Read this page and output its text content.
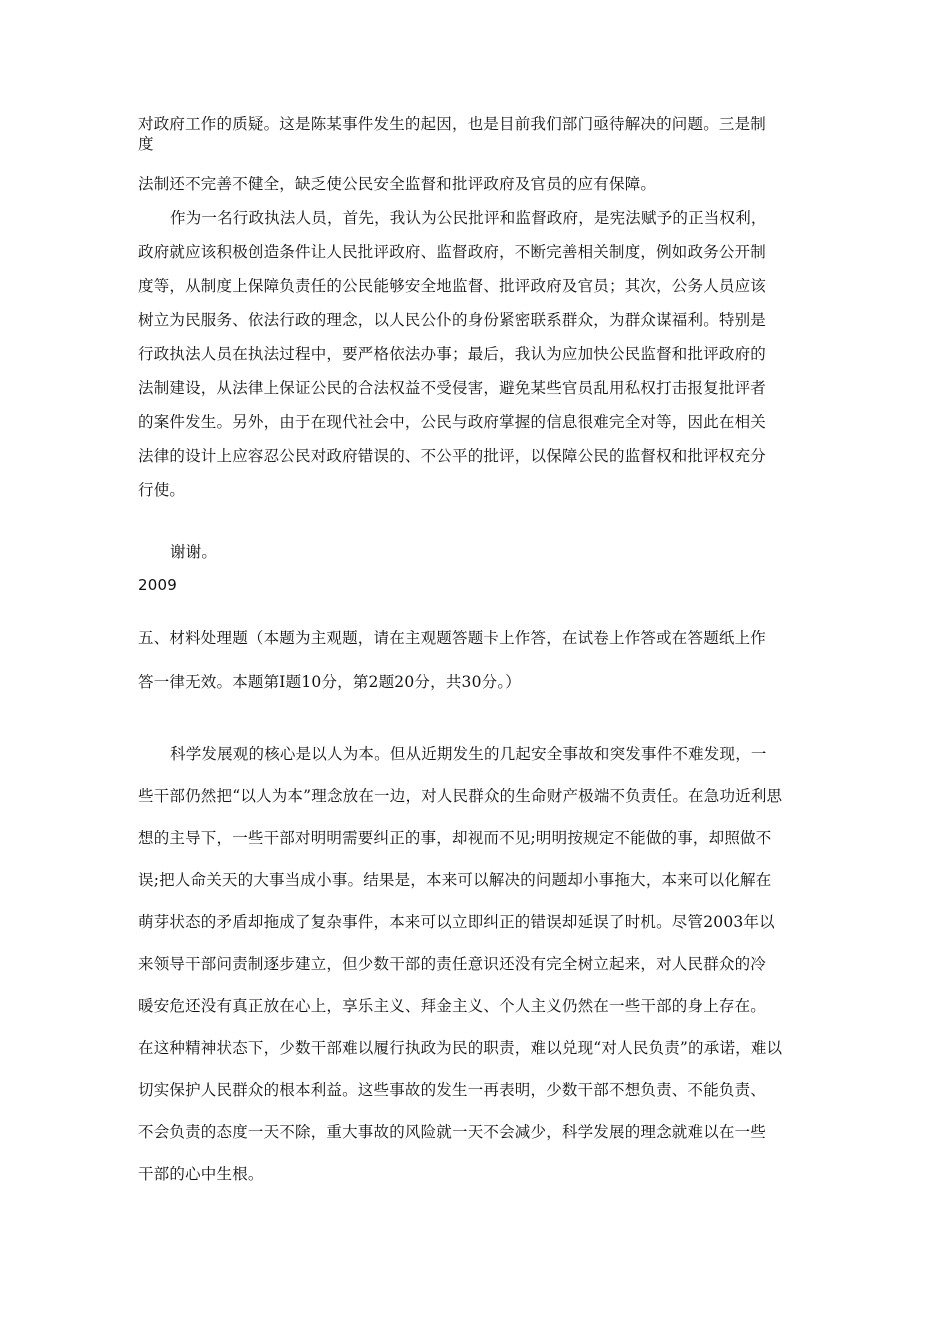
对政府工作的质疑。这是陈某事件发生的起因，也是目前我们部门亟待解决的问题。三是制
度
法制还不完善不健全，缺乏使公民安全监督和批评政府及官员的应有保障。
作为一名行政执法人员，首先，我认为公民批评和监督政府，是宪法赋予的正当权利，
政府就应该积极创造条件让人民批评政府、监督政府，不断完善相关制度，例如政务公开制
度等，从制度上保障负责任的公民能够安全地监督、批评政府及官员；其次，公务人员应该
树立为民服务、依法行政的理念，以人民公仆的身份紧密联系群众，为群众谋福利。特别是
行政执法人员在执法过程中，要严格依法办事；最后，我认为应加快公民监督和批评政府的
法制建设，从法律上保证公民的合法权益不受侵害，避免某些官员乱用私权打击报复批评者
的案件发生。另外，由于在现代社会中，公民与政府掌握的信息很难完全对等，因此在相关
法律的设计上应容忍公民对政府错误的、不公平的批评，以保障公民的监督权和批评权充分
行使。
谢谢。
2009
五、材料处理题（本题为主观题，请在主观题答题卡上作答，在试卷上作答或在答题纸上作
答一律无效。本题第Ⅰ题10分，第2题20分，共30分。）
科学发展观的核心是以人为本。但从近期发生的几起安全事故和突发事件不难发现，一
些干部仍然把“以人为本”理念放在一边，对人民群众的生命财产极端不负责任。在急功近利思
想的主导下，一些干部对明明需要纠正的事，却视而不见;明明按规定不能做的事，却照做不
误;把人命关天的大事当成小事。结果是，本来可以解决的问题却小事拖大，本来可以化解在
萌芽状态的矛盾却拖成了复杂事件，本来可以立即纠正的错误却延误了时机。尽管2003年以
来领导干部问责制逐步建立，但少数干部的责任意识还没有完全树立起来，对人民群众的冷
暖安危还没有真正放在心上，享乐主义、拜金主义、个人主义仍然在一些干部的身上存在。
在这种精神状态下，少数干部难以履行执政为民的职责，难以兑现“对人民负责”的承诺，难以
切实保护人民群众的根本利益。这些事故的发生一再表明，少数干部不想负责、不能负责、
不会负责的态度一天不除，重大事故的风险就一天不会减少，科学发展的理念就难以在一些
干部的心中生根。
